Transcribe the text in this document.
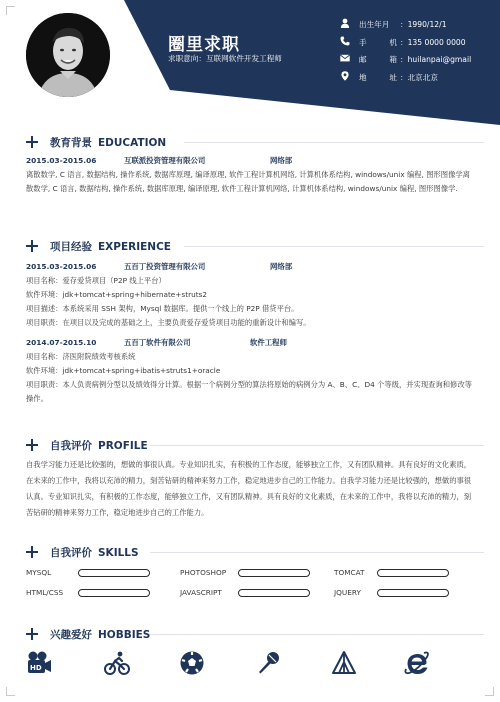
圈里求职
求职意向：互联网软件开发工程师
出生年月 ：1990/12/1
手	机 ：135 0000 0000
邮	箱 ：huilanpai@gmail
地	址 ：北京北京
教育背景 EDUCATION
2015.03-2015.06	互联派投资管理有限公司	网络部
离散数学, C 语言, 数据结构, 操作系统, 数据库原理, 编译原理, 软件工程计算机网络, 计算机体系结构, windows/unix 编程, 图形图像学离散数学, C 语言, 数据结构, 操作系统, 数据库原理, 编译原理, 软件工程计算机网络, 计算机体系结构, windows/unix 编程, 图形图像学.
项目经验 EXPERIENCE
2015.03-2015.06	五百丁投资管理有限公司	网络部
项目名称：爱存爱贷项目（P2P 线上平台）
软件环境：jdk+tomcat+spring+hibernate+struts2
项目描述：本系统采用 SSH 架构，Mysql 数据库。提供一个线上的 P2P 借贷平台。
项目职责：在项目以及完成的基础之上，主要负责爱存爱贷项目功能的重新设计和编写。
2014.07-2015.10	五百丁软件有限公司	软件工程师
项目名称：济医附院绩效考核系统
软件环境：jdk+tomcat+spring+ibatis+struts1+oracle
项目职责：本人负责病例分型以及绩效得分计算。根据一个病例分型的算法将原始的病例分为 A、B、C、D4 个等级，并实现查询和修改等操作。
自我评价 PROFILE
自我学习能力还是比较强的，想做的事很认真。专业知识扎实，有积极的工作态度，能够独立工作，又有团队精神。具有良好的文化素质，在未来的工作中，我将以充沛的精力，刻苦钻研的精神来努力工作，稳定地进步自己的工作能力。自我学习能力还是比较强的，想做的事很认真。专业知识扎实，有积极的工作态度，能够独立工作，又有团队精神。具有良好的文化素质，在未来的工作中，我将以充沛的精力，刻苦钻研的精神来努力工作，稳定地进步自己的工作能力。
自我评价 SKILLS
MYSQL	PHOTOSHOP	TOMCAT
HTML/CSS	JAVASCRIPT	JQUERY
兴趣爱好 HOBBIES
HD
